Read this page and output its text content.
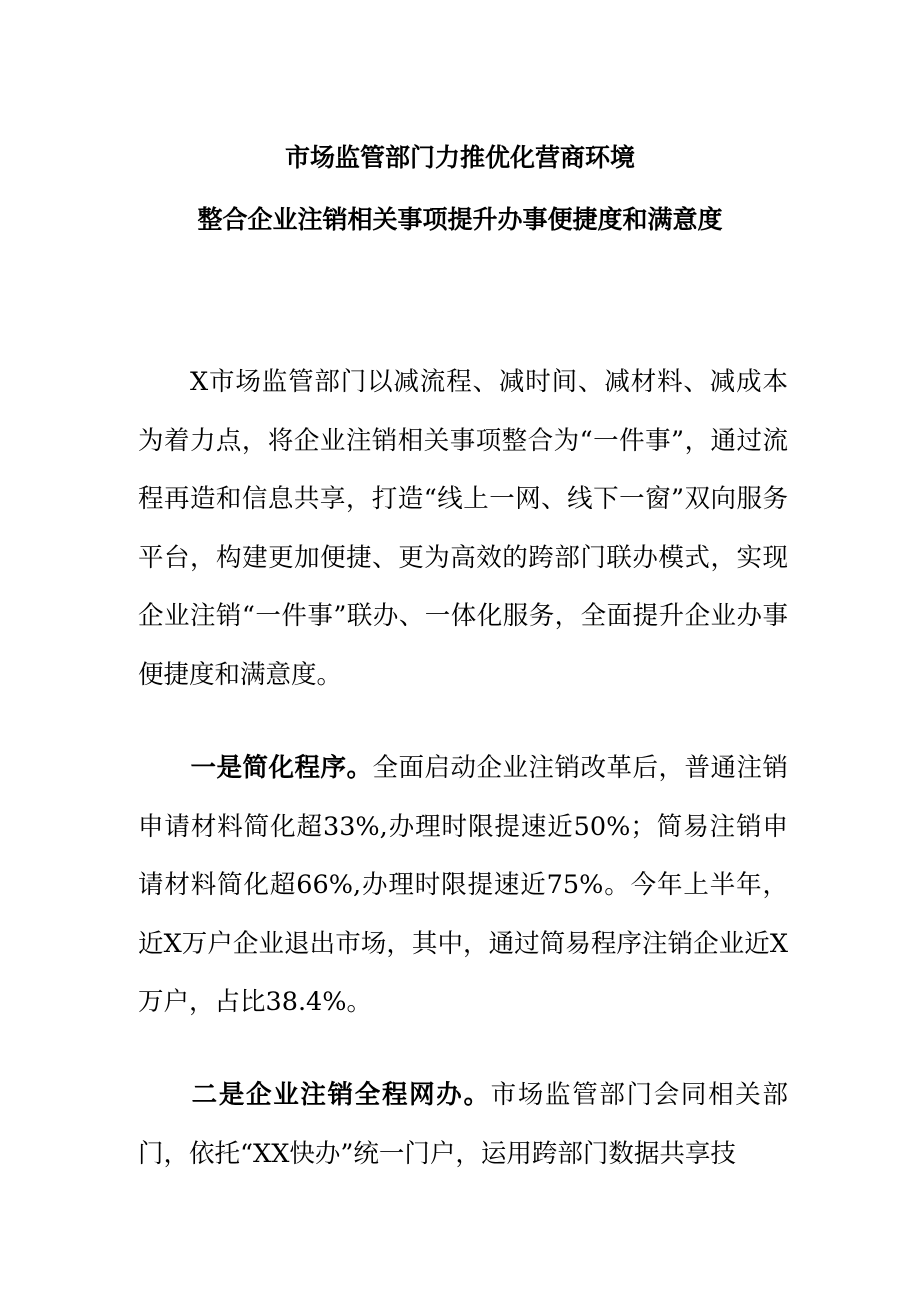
市场监管部门力推优化营商环境
整合企业注销相关事项提升办事便捷度和满意度

X市场监管部门以减流程、减时间、减材料、减成本为着力点，将企业注销相关事项整合为“一件事”，通过流程再造和信息共享，打造“线上一网、线下一窗”双向服务平台，构建更加便捷、更为高效的跨部门联办模式，实现企业注销“一件事”联办、一体化服务，全面提升企业办事便捷度和满意度。

一是简化程序。全面启动企业注销改革后，普通注销申请材料简化超33%,办理时限提速近50%；简易注销申请材料简化超66%,办理时限提速近75%。今年上半年，近X万户企业退出市场，其中，通过简易程序注销企业近X万户，占比38.4%。

二是企业注销全程网办。市场监管部门会同相关部门，依托“XX快办”统一门户，运用跨部门数据共享技
